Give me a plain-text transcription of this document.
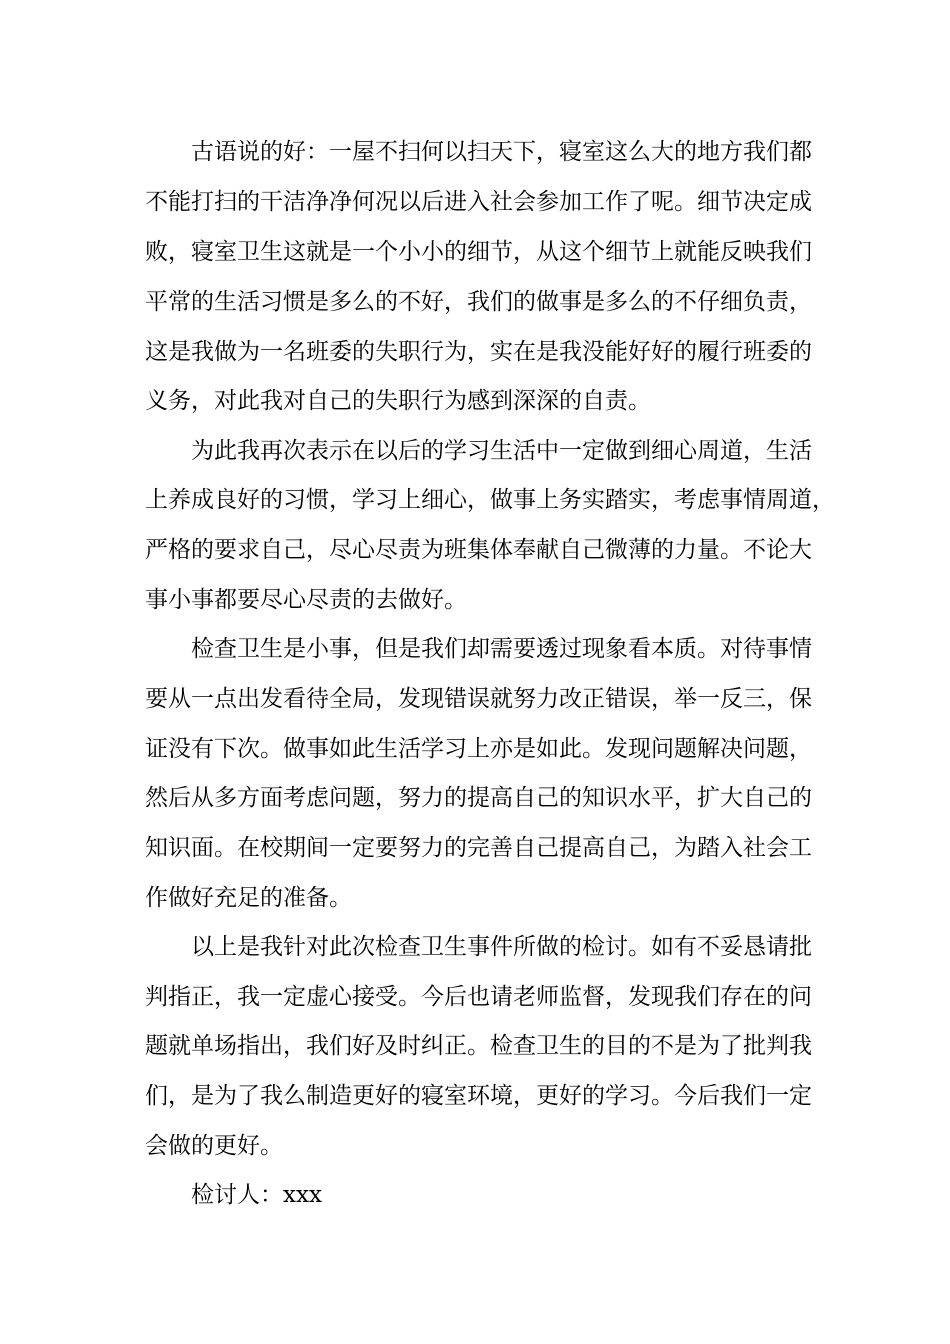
古语说的好：一屋不扫何以扫天下，寝室这么大的地方我们都
不能打扫的干洁净净何况以后进入社会参加工作了呢。细节决定成
败，寝室卫生这就是一个小小的细节，从这个细节上就能反映我们
平常的生活习惯是多么的不好，我们的做事是多么的不仔细负责，
这是我做为一名班委的失职行为，实在是我没能好好的履行班委的
义务，对此我对自己的失职行为感到深深的自责。
为此我再次表示在以后的学习生活中一定做到细心周道，生活
上养成良好的习惯，学习上细心，做事上务实踏实，考虑事情周道，
严格的要求自己，尽心尽责为班集体奉献自己微薄的力量。不论大
事小事都要尽心尽责的去做好。
检查卫生是小事，但是我们却需要透过现象看本质。对待事情
要从一点出发看待全局，发现错误就努力改正错误，举一反三，保
证没有下次。做事如此生活学习上亦是如此。发现问题解决问题，
然后从多方面考虑问题，努力的提高自己的知识水平，扩大自己的
知识面。在校期间一定要努力的完善自己提高自己，为踏入社会工
作做好充足的准备。
以上是我针对此次检查卫生事件所做的检讨。如有不妥恳请批
判指正，我一定虚心接受。今后也请老师监督，发现我们存在的问
题就单场指出，我们好及时纠正。检查卫生的目的不是为了批判我
们，是为了我么制造更好的寝室环境，更好的学习。今后我们一定
会做的更好。
检讨人：xxx
